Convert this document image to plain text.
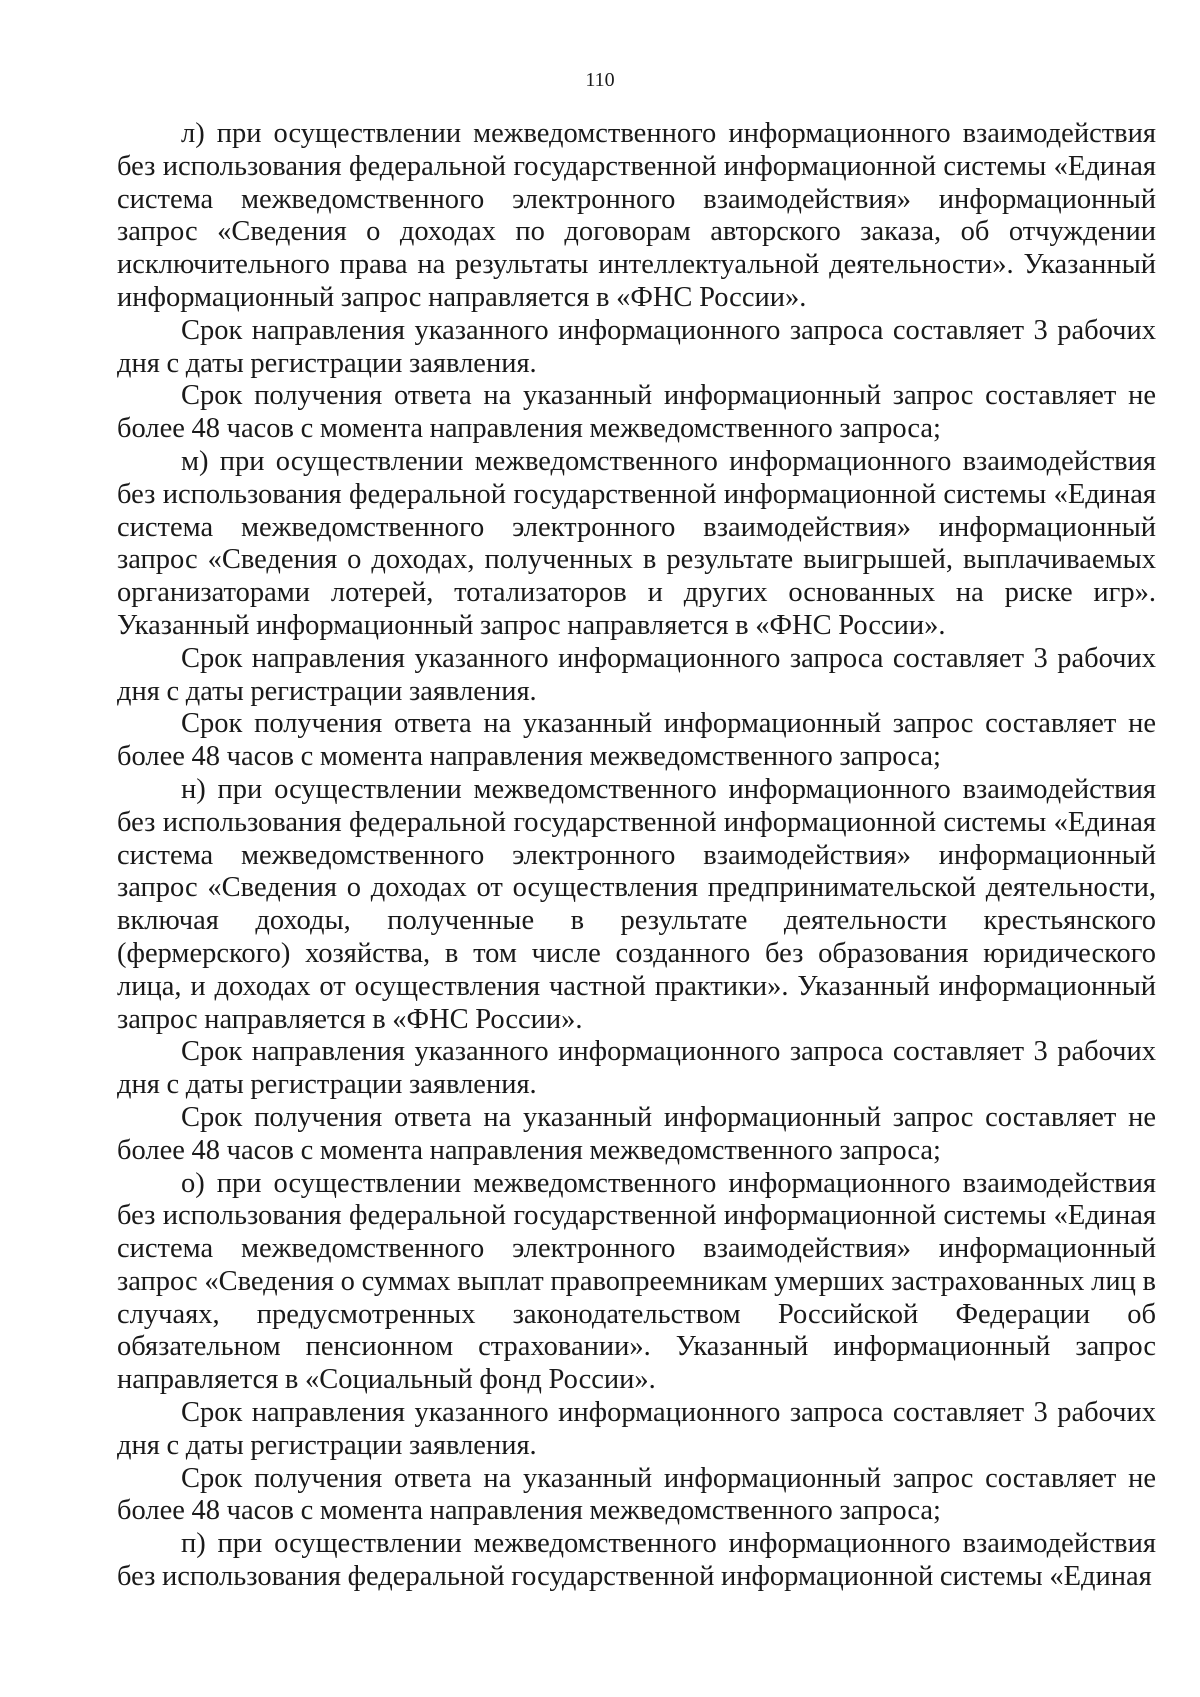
110

л) при осуществлении межведомственного информационного взаимодействия без использования федеральной государственной информационной системы «Единая система межведомственного электронного взаимодействия» информационный запрос «Сведения о доходах по договорам авторского заказа, об отчуждении исключительного права на результаты интеллектуальной деятельности». Указанный информационный запрос направляется в «ФНС России».

Срок направления указанного информационного запроса составляет 3 рабочих дня с даты регистрации заявления.

Срок получения ответа на указанный информационный запрос составляет не более 48 часов с момента направления межведомственного запроса;

м) при осуществлении межведомственного информационного взаимодействия без использования федеральной государственной информационной системы «Единая система межведомственного электронного взаимодействия» информационный запрос «Сведения о доходах, полученных в результате выигрышей, выплачиваемых организаторами лотерей, тотализаторов и других основанных на риске игр». Указанный информационный запрос направляется в «ФНС России».

Срок направления указанного информационного запроса составляет 3 рабочих дня с даты регистрации заявления.

Срок получения ответа на указанный информационный запрос составляет не более 48 часов с момента направления межведомственного запроса;

н) при осуществлении межведомственного информационного взаимодействия без использования федеральной государственной информационной системы «Единая система межведомственного электронного взаимодействия» информационный запрос «Сведения о доходах от осуществления предпринимательской деятельности, включая доходы, полученные в результате деятельности крестьянского (фермерского) хозяйства, в том числе созданного без образования юридического лица, и доходах от осуществления частной практики». Указанный информационный запрос направляется в «ФНС России».

Срок направления указанного информационного запроса составляет 3 рабочих дня с даты регистрации заявления.

Срок получения ответа на указанный информационный запрос составляет не более 48 часов с момента направления межведомственного запроса;

о) при осуществлении межведомственного информационного взаимодействия без использования федеральной государственной информационной системы «Единая система межведомственного электронного взаимодействия» информационный запрос «Сведения о суммах выплат правопреемникам умерших застрахованных лиц в случаях, предусмотренных законодательством Российской Федерации об обязательном пенсионном страховании». Указанный информационный запрос направляется в «Социальный фонд России».

Срок направления указанного информационного запроса составляет 3 рабочих дня с даты регистрации заявления.

Срок получения ответа на указанный информационный запрос составляет не более 48 часов с момента направления межведомственного запроса;

п) при осуществлении межведомственного информационного взаимодействия без использования федеральной государственной информационной системы «Единая
